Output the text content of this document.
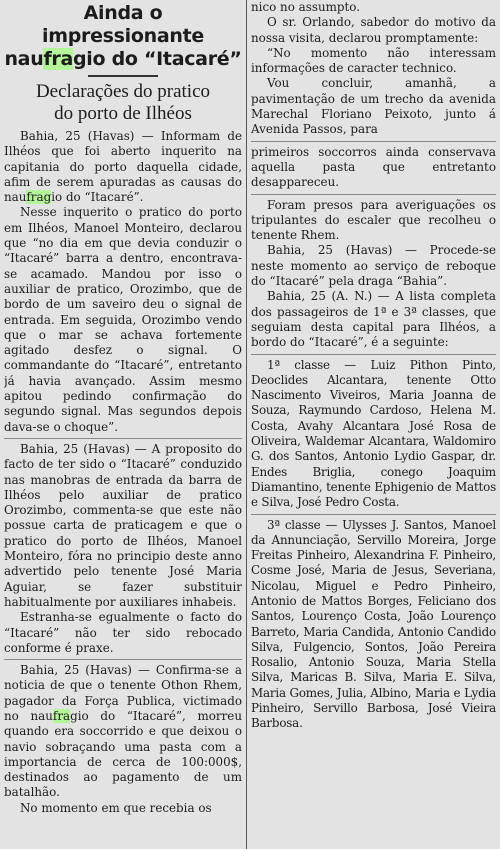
Ainda o impressionante
naufragio do “Itacaré”
Declarações do pratico
do porto de Ilhéos

Bahia, 25 (Havas) — Informam de Ilhéos que foi aberto inquerito na capitania do porto daquella cidade, afim de serem apuradas as causas do naufragio do “Itacaré”.

Nesse inquerito o pratico do porto em Ilhéos, Manoel Monteiro, declarou que “no dia em que devia conduzir o “Itacaré” barra a dentro, encontrava-se acamado. Mandou por isso o auxiliar de pratico, Orozimbo, que de bordo de um saveiro deu o signal de entrada. Em seguida, Orozimbo vendo que o mar se achava fortemente agitado desfez o signal. O commandante do “Itacaré”, entretanto já havia avançado. Assim mesmo apitou pedindo confirmação do segundo signal. Mas segundos depois dava-se o choque”.

Bahia, 25 (Havas) — A proposito do facto de ter sido o “Itacaré” conduzido nas manobras de entrada da barra de Ilhéos pelo auxiliar de pratico Orozimbo, commenta-se que este não possue carta de praticagem e que o pratico do porto de Ilhéos, Manoel Monteiro, fóra no principio deste anno advertido pelo tenente José Maria Aguiar, se fazer substituir habitualmente por auxiliares inhabeis.

Estranha-se egualmente o facto do “Itacaré” não ter sido rebocado conforme é praxe.

Bahia, 25 (Havas) — Confirma-se a noticia de que o tenente Othon Rhem, pagador da Força Publica, victimado no naufragio do “Itacaré”, morreu quando era soccorrido e que deixou o navio sobraçando uma pasta com a importancia de cerca de 100:000$, destinados ao pagamento de um batalhão.

No momento em que recebia os

nico no assumpto.

O sr. Orlando, sabedor do motivo da nossa visita, declarou promptamente:

“No momento não interessam informações de caracter technico.

Vou concluir, amanhã, a pavimentação de um trecho da avenida Marechal Floriano Peixoto, junto á Avenida Passos, para

primeiros soccorros ainda conservava aquella pasta que entretanto desappareceu.

Foram presos para averiguações os tripulantes do escaler que recolheu o tenente Rhem.

Bahia, 25 (Havas) — Procede-se neste momento ao serviço de reboque do “Itacaré” pela draga “Bahia”.

Bahia, 25 (A. N.) — A lista completa dos passageiros de 1ª e 3ª classes, que seguiam desta capital para Ilhéos, a bordo do “Itacaré”, é a seguinte:

1ª classe — Luiz Pithon Pinto, Deoclides Alcantara, tenente Otto Nascimento Viveiros, Maria Joanna de Souza, Raymundo Cardoso, Helena M. Costa, Avahy Alcantara José Rosa de Oliveira, Waldemar Alcantara, Waldomiro G. dos Santos, Antonio Lydio Gaspar, dr. Endes Briglia, conego Joaquim Diamantino, tenente Ephigenio de Mattos e Silva, José Pedro Costa.

3ª classe — Ulysses J. Santos, Manoel da Annunciação, Servillo Moreira, Jorge Freitas Pinheiro, Alexandrina F. Pinheiro, Cosme José, Maria de Jesus, Severiana, Nicolau, Miguel e Pedro Pinheiro, Antonio de Mattos Borges, Feliciano dos Santos, Lourenço Costa, João Lourenço Barreto, Maria Candida, Antonio Candido Silva, Fulgencio, Sontos, João Pereira Rosalio, Antonio Souza, Maria Stella Silva, Maricas B. Silva, Maria E. Silva, Maria Gomes, Julia, Albino, Maria e Lydia Pinheiro, Servillo Barbosa, José Vieira Barbosa.
